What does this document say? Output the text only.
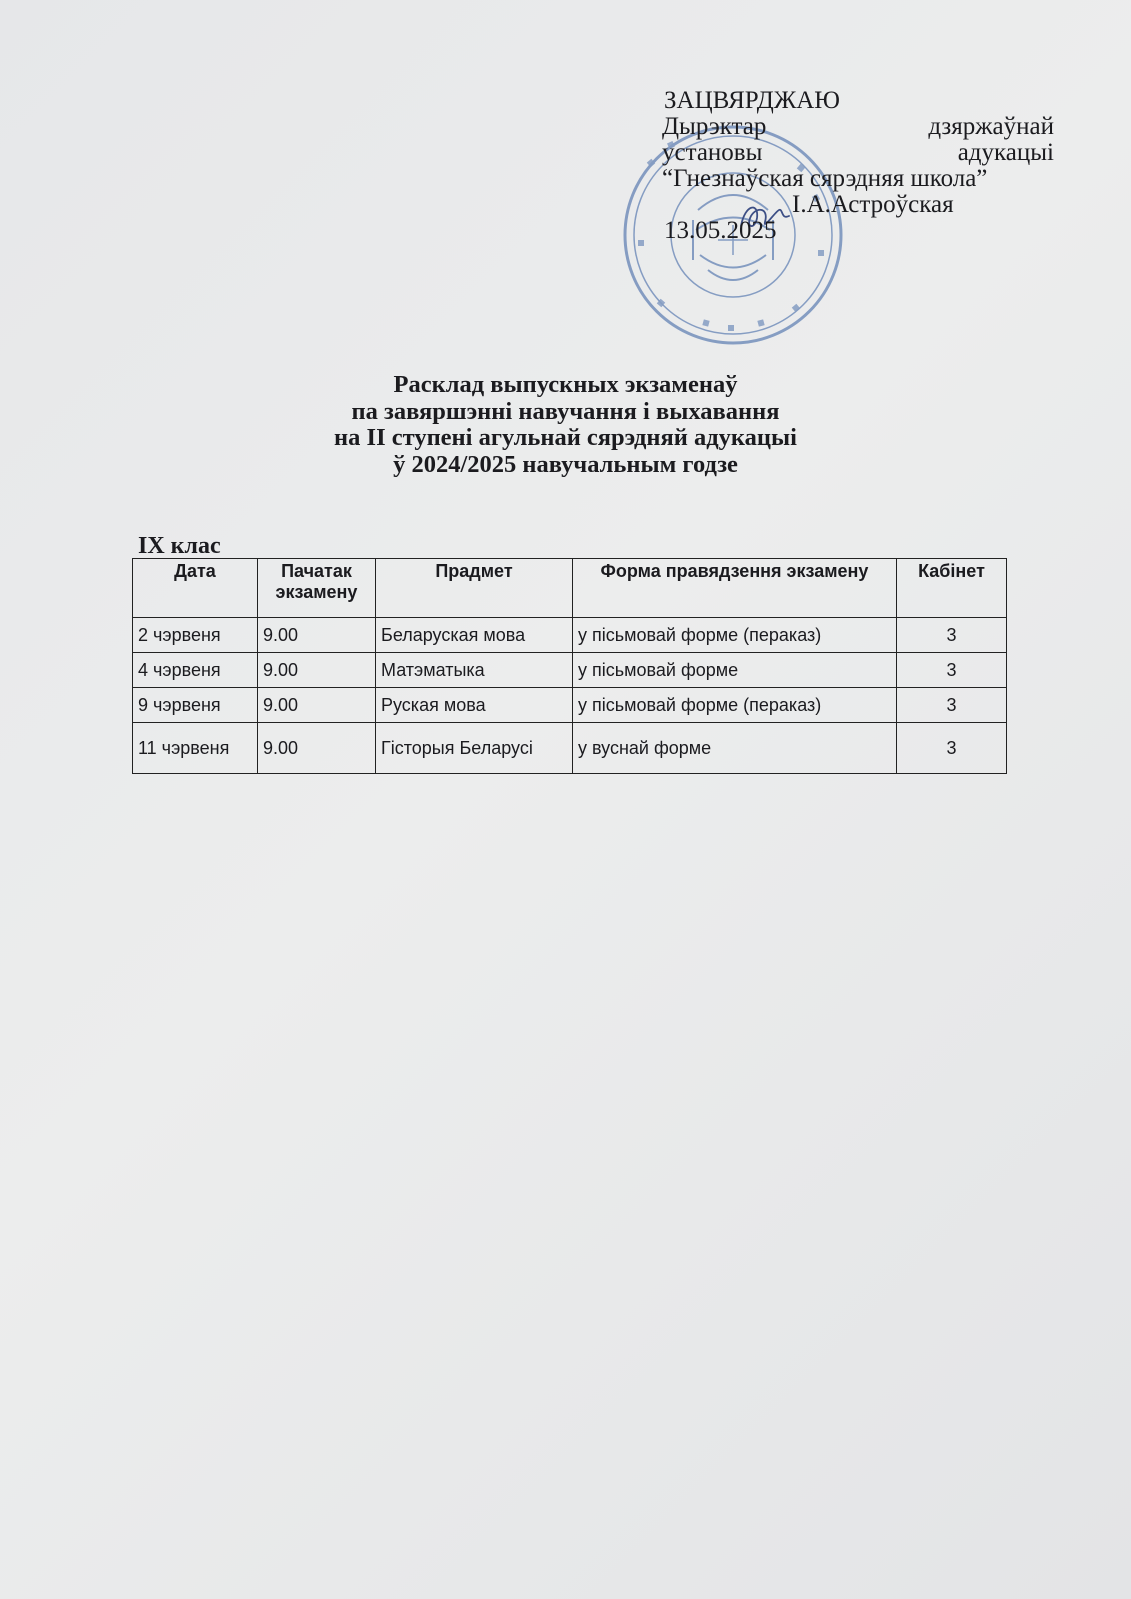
ЗАЦВЯРДЖАЮ
Дырэктар	дзяржаўнай
установы	адукацыі
“Гнезнаўская сярэдняя школа”
І.А.Астроўская
13.05.2025
Расклад выпускных экзаменаў
па завяршэнні навучання і выхавання
на ІІ ступені агульнай сярэдняй адукацыі
ў 2024/2025 навучальным годзе
IX клас
Дата	Пачатак экзамену	Прадмет	Форма правядзення экзамену	Кабінет
2 чэрвеня	9.00	Беларуская мова	у пісьмовай форме (пераказ)	3
4 чэрвеня	9.00	Матэматыка	у пісьмовай форме	3
9 чэрвеня	9.00	Руская мова	у пісьмовай форме (пераказ)	3
11 чэрвеня	9.00	Гісторыя Беларусі	у вуснай форме	3
